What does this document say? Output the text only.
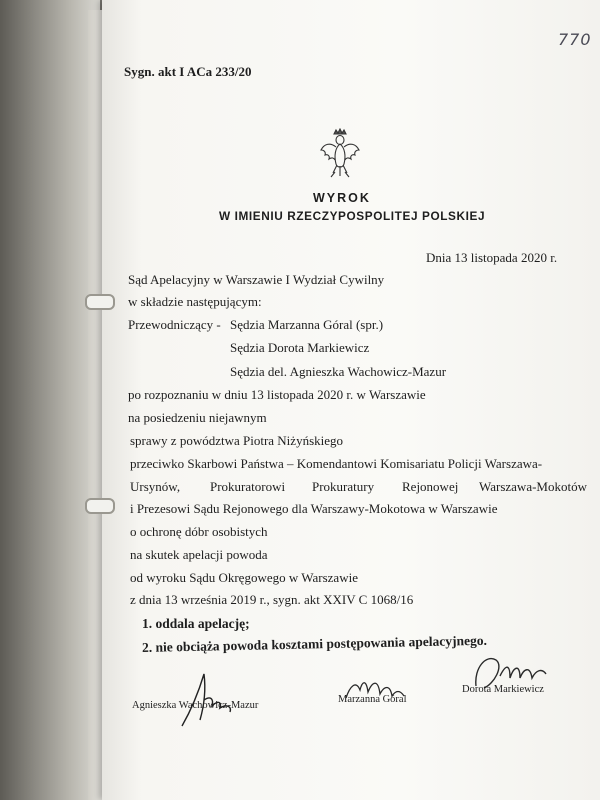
770
Sygn. akt I ACa 233/20
WYROK
W IMIENIU RZECZYPOSPOLITEJ POLSKIEJ
Dnia 13 listopada 2020 r.
Sąd Apelacyjny w Warszawie I Wydział Cywilny
w składzie następującym:
Przewodniczący - Sędzia Marzanna Góral (spr.)
Sędzia Dorota Markiewicz
Sędzia del. Agnieszka Wachowicz-Mazur
po rozpoznaniu w dniu 13 listopada 2020 r. w Warszawie
na posiedzeniu niejawnym
sprawy z powództwa Piotra Niżyńskiego
przeciwko Skarbowi Państwa – Komendantowi Komisariatu Policji Warszawa-
Ursynów, Prokuratorowi Prokuratury Rejonowej Warszawa-Mokotów
i Prezesowi Sądu Rejonowego dla Warszawy-Mokotowa w Warszawie
o ochronę dóbr osobistych
na skutek apelacji powoda
od wyroku Sądu Okręgowego w Warszawie
z dnia 13 września 2019 r., sygn. akt XXIV C 1068/16
1. oddala apelację;
2. nie obciąża powoda kosztami postępowania apelacyjnego.
Agnieszka Wachowicz-Mazur
Marzanna Góral
Dorota Markiewicz
